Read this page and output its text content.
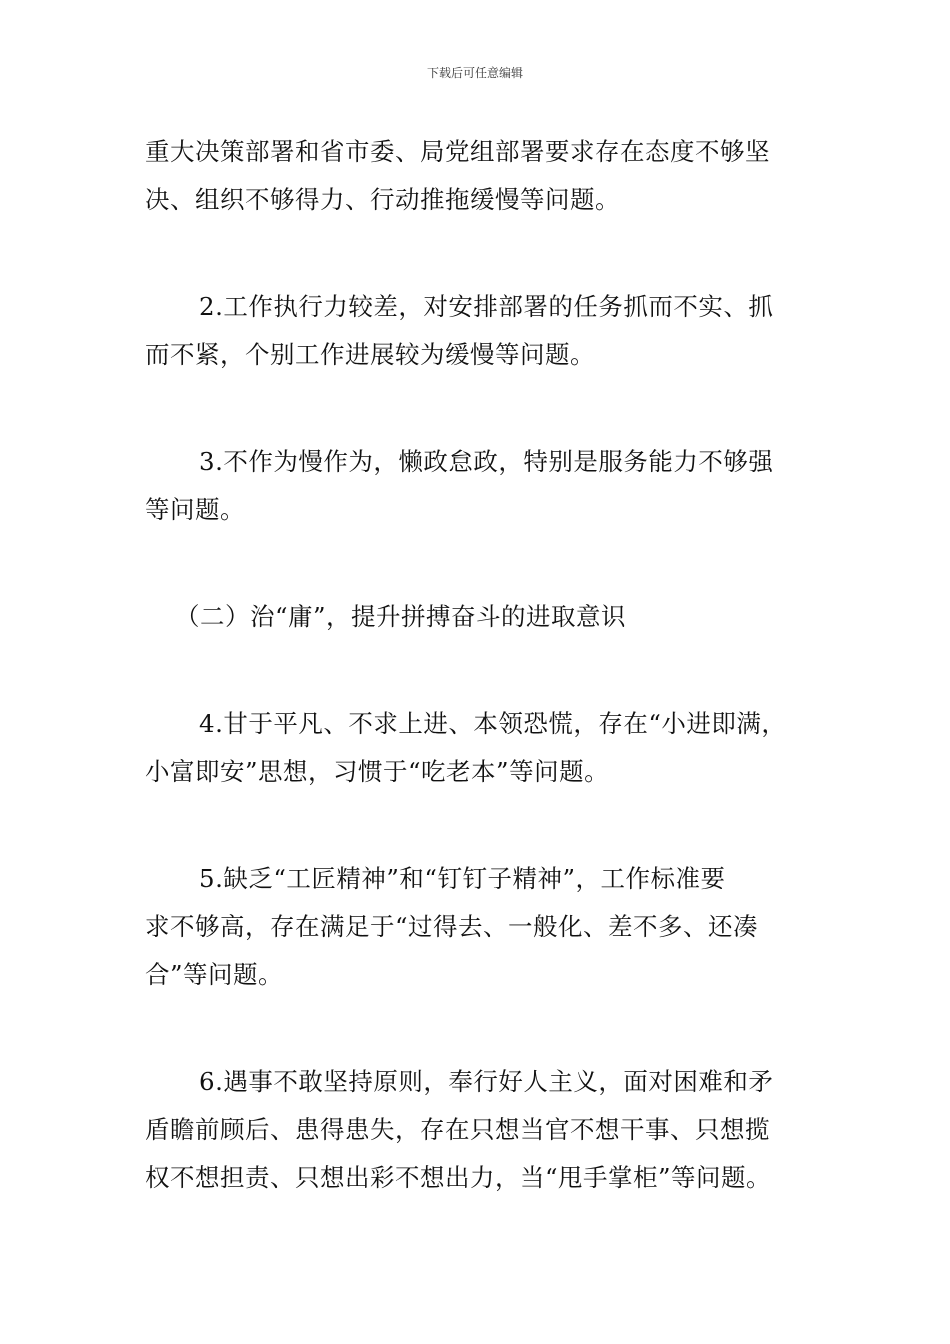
下载后可任意编辑

重大决策部署和省市委、局党组部署要求存在态度不够坚
决、组织不够得力、行动推拖缓慢等问题。

2.工作执行力较差，对安排部署的任务抓而不实、抓
而不紧，个别工作进展较为缓慢等问题。

3.不作为慢作为，懒政怠政，特别是服务能力不够强
等问题。

（二）治“庸”，提升拼搏奋斗的进取意识

4.甘于平凡、不求上进、本领恐慌，存在“小进即满，
小富即安”思想，习惯于“吃老本”等问题。

5.缺乏“工匠精神”和“钉钉子精神”，工作标准要
求不够高，存在满足于“过得去、一般化、差不多、还凑
合”等问题。

6.遇事不敢坚持原则，奉行好人主义，面对困难和矛
盾瞻前顾后、患得患失，存在只想当官不想干事、只想揽
权不想担责、只想出彩不想出力，当“甩手掌柜”等问题。
